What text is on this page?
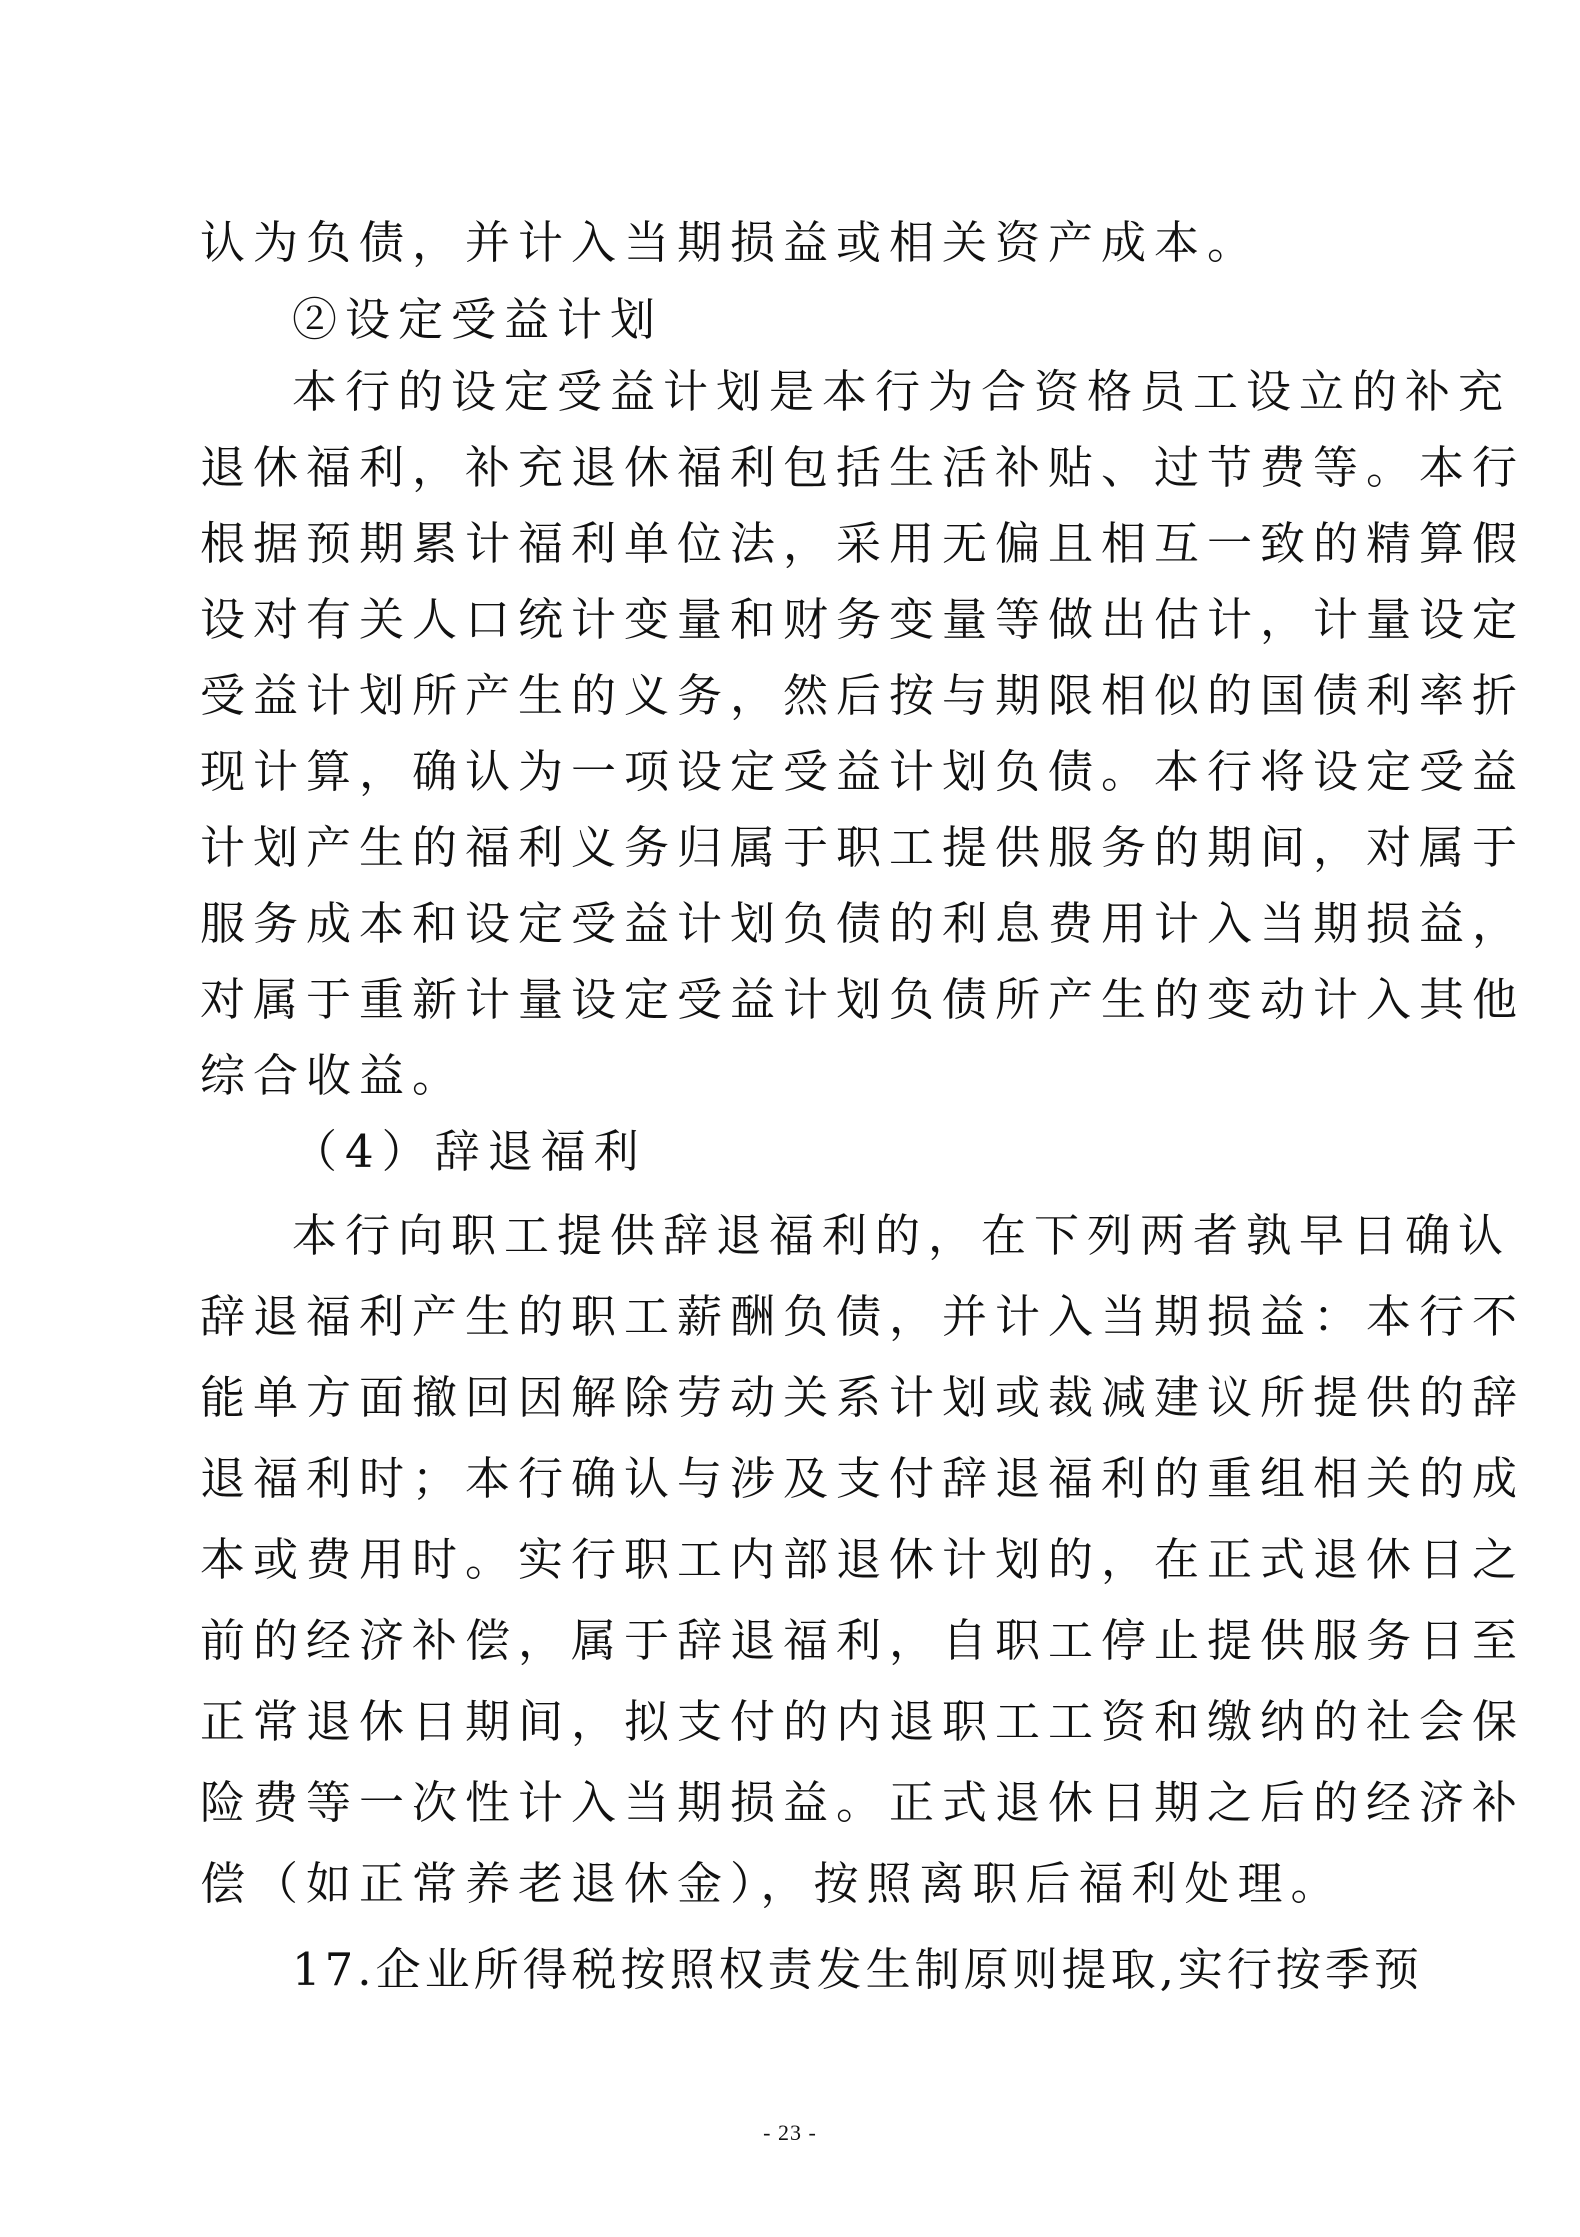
认为负债，并计入当期损益或相关资产成本。
②设定受益计划
本行的设定受益计划是本行为合资格员工设立的补充
退休福利，补充退休福利包括生活补贴、过节费等。本行
根据预期累计福利单位法，采用无偏且相互一致的精算假
设对有关人口统计变量和财务变量等做出估计，计量设定
受益计划所产生的义务，然后按与期限相似的国债利率折
现计算，确认为一项设定受益计划负债。本行将设定受益
计划产生的福利义务归属于职工提供服务的期间，对属于
服务成本和设定受益计划负债的利息费用计入当期损益，
对属于重新计量设定受益计划负债所产生的变动计入其他
综合收益。
（4）辞退福利
本行向职工提供辞退福利的，在下列两者孰早日确认
辞退福利产生的职工薪酬负债，并计入当期损益：本行不
能单方面撤回因解除劳动关系计划或裁减建议所提供的辞
退福利时；本行确认与涉及支付辞退福利的重组相关的成
本或费用时。实行职工内部退休计划的，在正式退休日之
前的经济补偿，属于辞退福利，自职工停止提供服务日至
正常退休日期间，拟支付的内退职工工资和缴纳的社会保
险费等一次性计入当期损益。正式退休日期之后的经济补
偿（如正常养老退休金），按照离职后福利处理。
17.企业所得税按照权责发生制原则提取,实行按季预
- 23 -
